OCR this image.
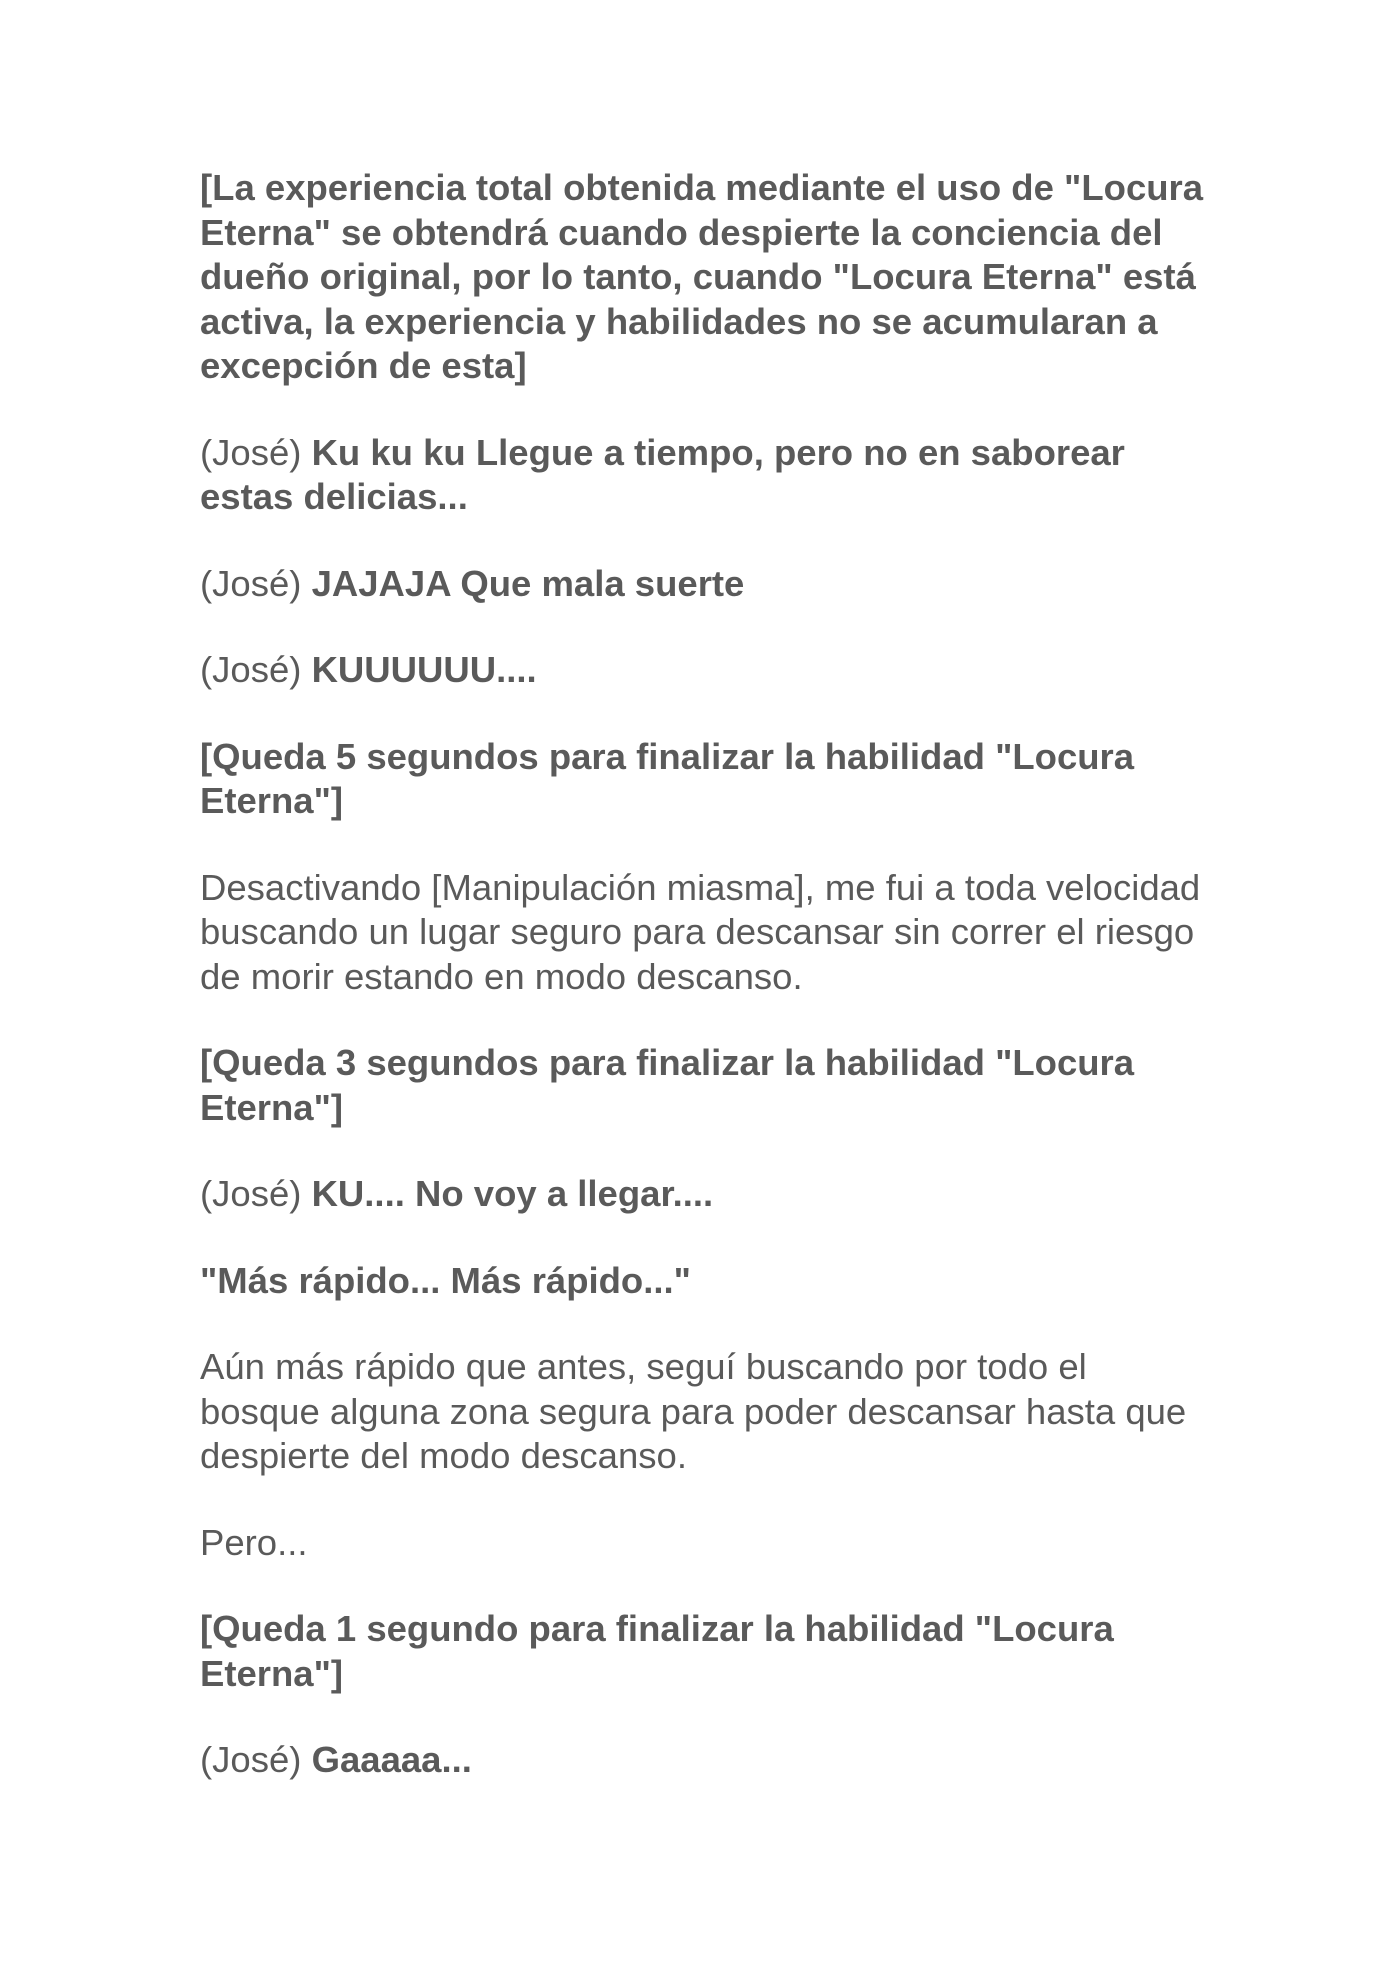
[La experiencia total obtenida mediante el uso de "Locura Eterna" se obtendrá cuando despierte la conciencia del dueño original, por lo tanto, cuando "Locura Eterna" está activa, la experiencia y habilidades no se acumularan a excepción de esta]

(José) Ku ku ku Llegue a tiempo, pero no en saborear estas delicias...

(José) JAJAJA Que mala suerte

(José) KUUUUUU....

[Queda 5 segundos para finalizar la habilidad "Locura Eterna"]

Desactivando [Manipulación miasma], me fui a toda velocidad buscando un lugar seguro para descansar sin correr el riesgo de morir estando en modo descanso.

[Queda 3 segundos para finalizar la habilidad "Locura Eterna"]

(José) KU.... No voy a llegar....

"Más rápido... Más rápido..."

Aún más rápido que antes, seguí buscando por todo el bosque alguna zona segura para poder descansar hasta que despierte del modo descanso.

Pero...

[Queda 1 segundo para finalizar la habilidad "Locura Eterna"]

(José) Gaaaaa...
